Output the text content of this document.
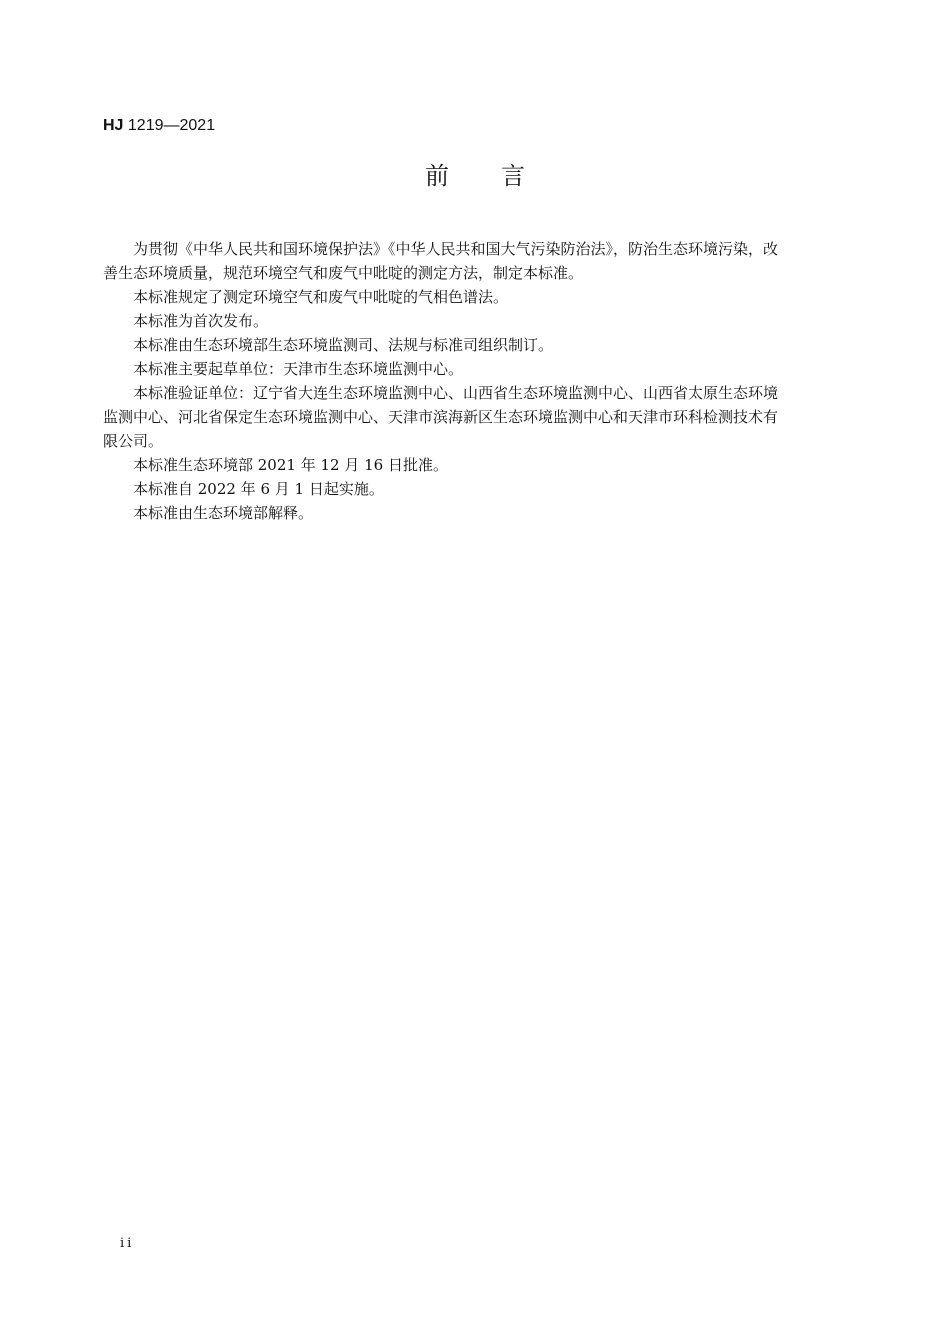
HJ 1219—2021
前言
为贯彻《中华人民共和国环境保护法》《中华人民共和国大气污染防治法》，防治生态环境污染，改
善生态环境质量，规范环境空气和废气中吡啶的测定方法，制定本标准。

本标准规定了测定环境空气和废气中吡啶的气相色谱法。

本标准为首次发布。

本标准由生态环境部生态环境监测司、法规与标准司组织制订。

本标准主要起草单位：天津市生态环境监测中心。

本标准验证单位：辽宁省大连生态环境监测中心、山西省生态环境监测中心、山西省太原生态环境
监测中心、河北省保定生态环境监测中心、天津市滨海新区生态环境监测中心和天津市环科检测技术有
限公司。

本标准生态环境部 2021 年 12 月 16 日批准。

本标准自 2022 年 6 月 1 日起实施。

本标准由生态环境部解释。

ii
